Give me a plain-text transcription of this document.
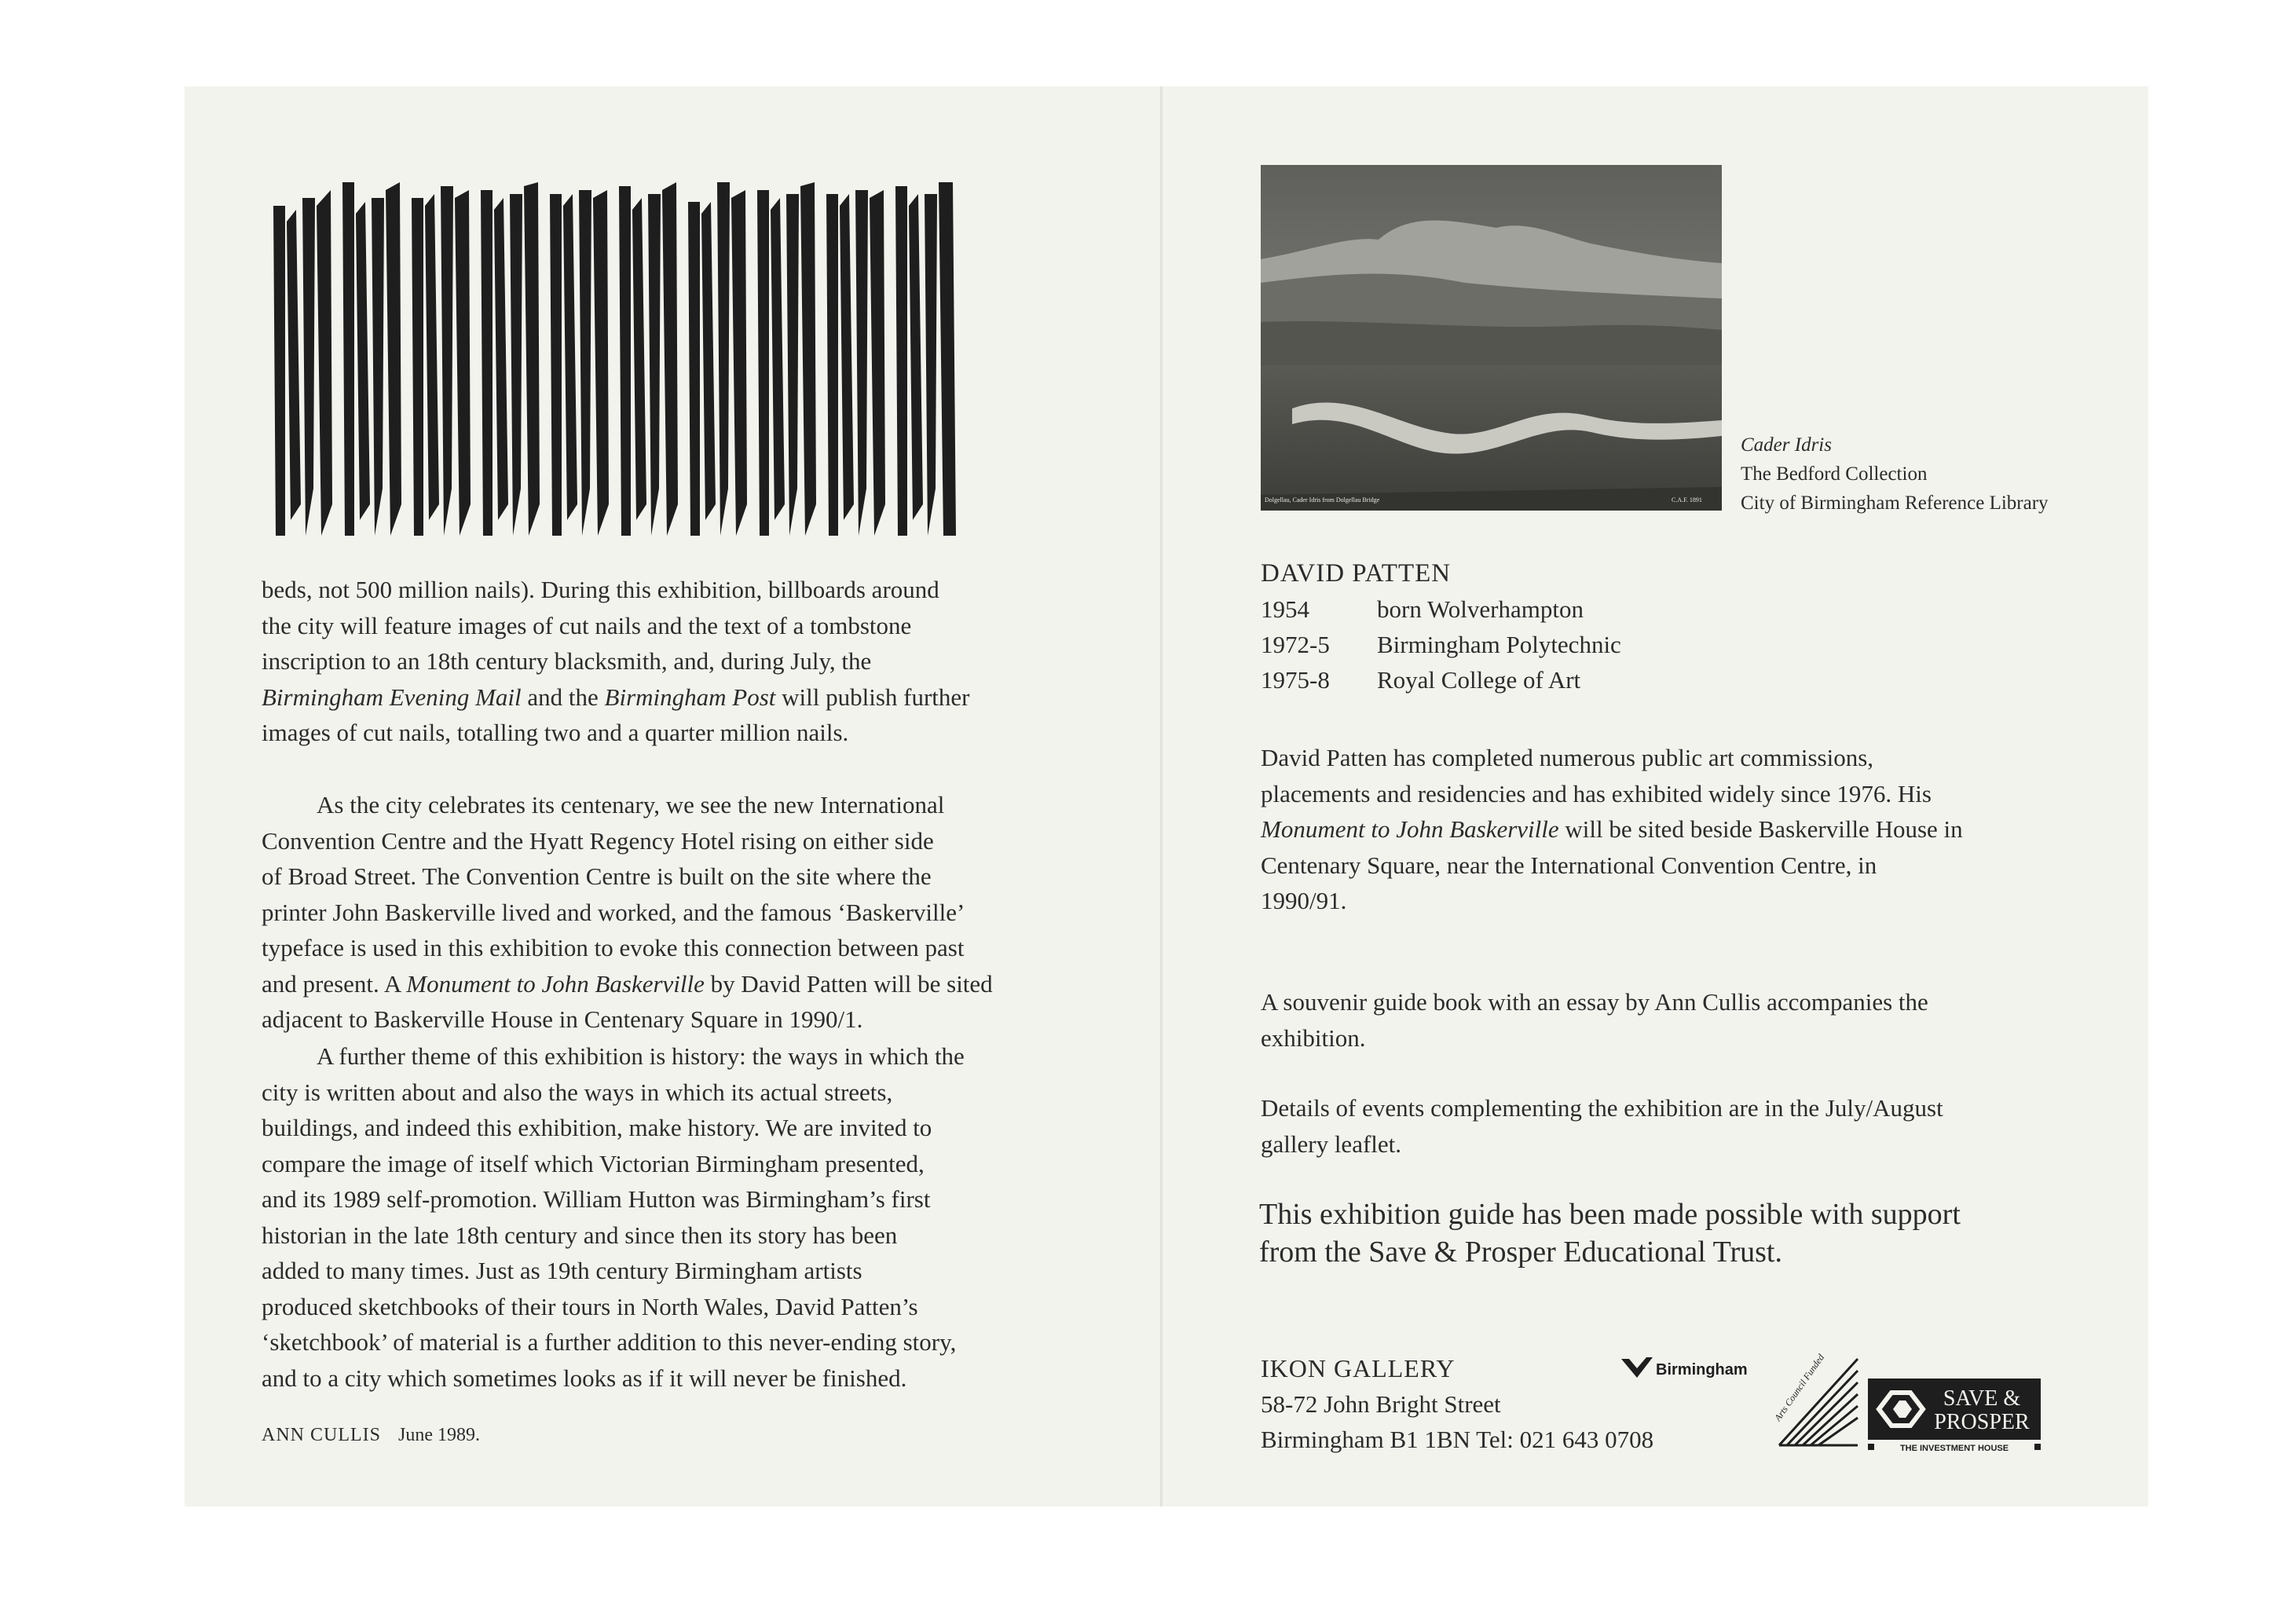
beds, not 500 million nails). During this exhibition, billboards around

the city will feature images of cut nails and the text of a tombstone

inscription to an 18th century blacksmith, and, during July, the

Birmingham Evening Mail and the Birmingham Post will publish further

images of cut nails, totalling two and a quarter million nails.

As the city celebrates its centenary, we see the new International

Convention Centre and the Hyatt Regency Hotel rising on either side

of Broad Street. The Convention Centre is built on the site where the

printer John Baskerville lived and worked, and the famous ‘Baskerville’

typeface is used in this exhibition to evoke this connection between past

and present. A Monument to John Baskerville by David Patten will be sited

adjacent to Baskerville House in Centenary Square in 1990/1.

A further theme of this exhibition is history: the ways in which the

city is written about and also the ways in which its actual streets,

buildings, and indeed this exhibition, make history. We are invited to

compare the image of itself which Victorian Birmingham presented,

and its 1989 self-promotion. William Hutton was Birmingham’s first

historian in the late 18th century and since then its story has been

added to many times. Just as 19th century Birmingham artists

produced sketchbooks of their tours in North Wales, David Patten’s

‘sketchbook’ of material is a further addition to this never-ending story,

and to a city which sometimes looks as if it will never be finished.

ANN CULLIS June 1989.
Dolgellau, Cader Idris from Dolgellau Bridge	C.A.F. 1891
Cader Idris
The Bedford Collection
City of Birmingham Reference Library
DAVID PATTEN
1954	born Wolverhampton
1972-5 Birmingham Polytechnic
1975-8 Royal College of Art

David Patten has completed numerous public art commissions,

placements and residencies and has exhibited widely since 1976. His

Monument to John Baskerville will be sited beside Baskerville House in

Centenary Square, near the International Convention Centre, in

1990/91.

A souvenir guide book with an essay by Ann Cullis accompanies the

exhibition.

Details of events complementing the exhibition are in the July/August

gallery leaflet.

This exhibition guide has been made possible with support
from the Save & Prosper Educational Trust.
IKON GALLERY
58-72 John Bright Street
Birmingham B1 1BN Tel: 021 643 0708
Birmingham	Arts Council Funded	SAVE &
PROSPER
THE INVESTMENT HOUSE
